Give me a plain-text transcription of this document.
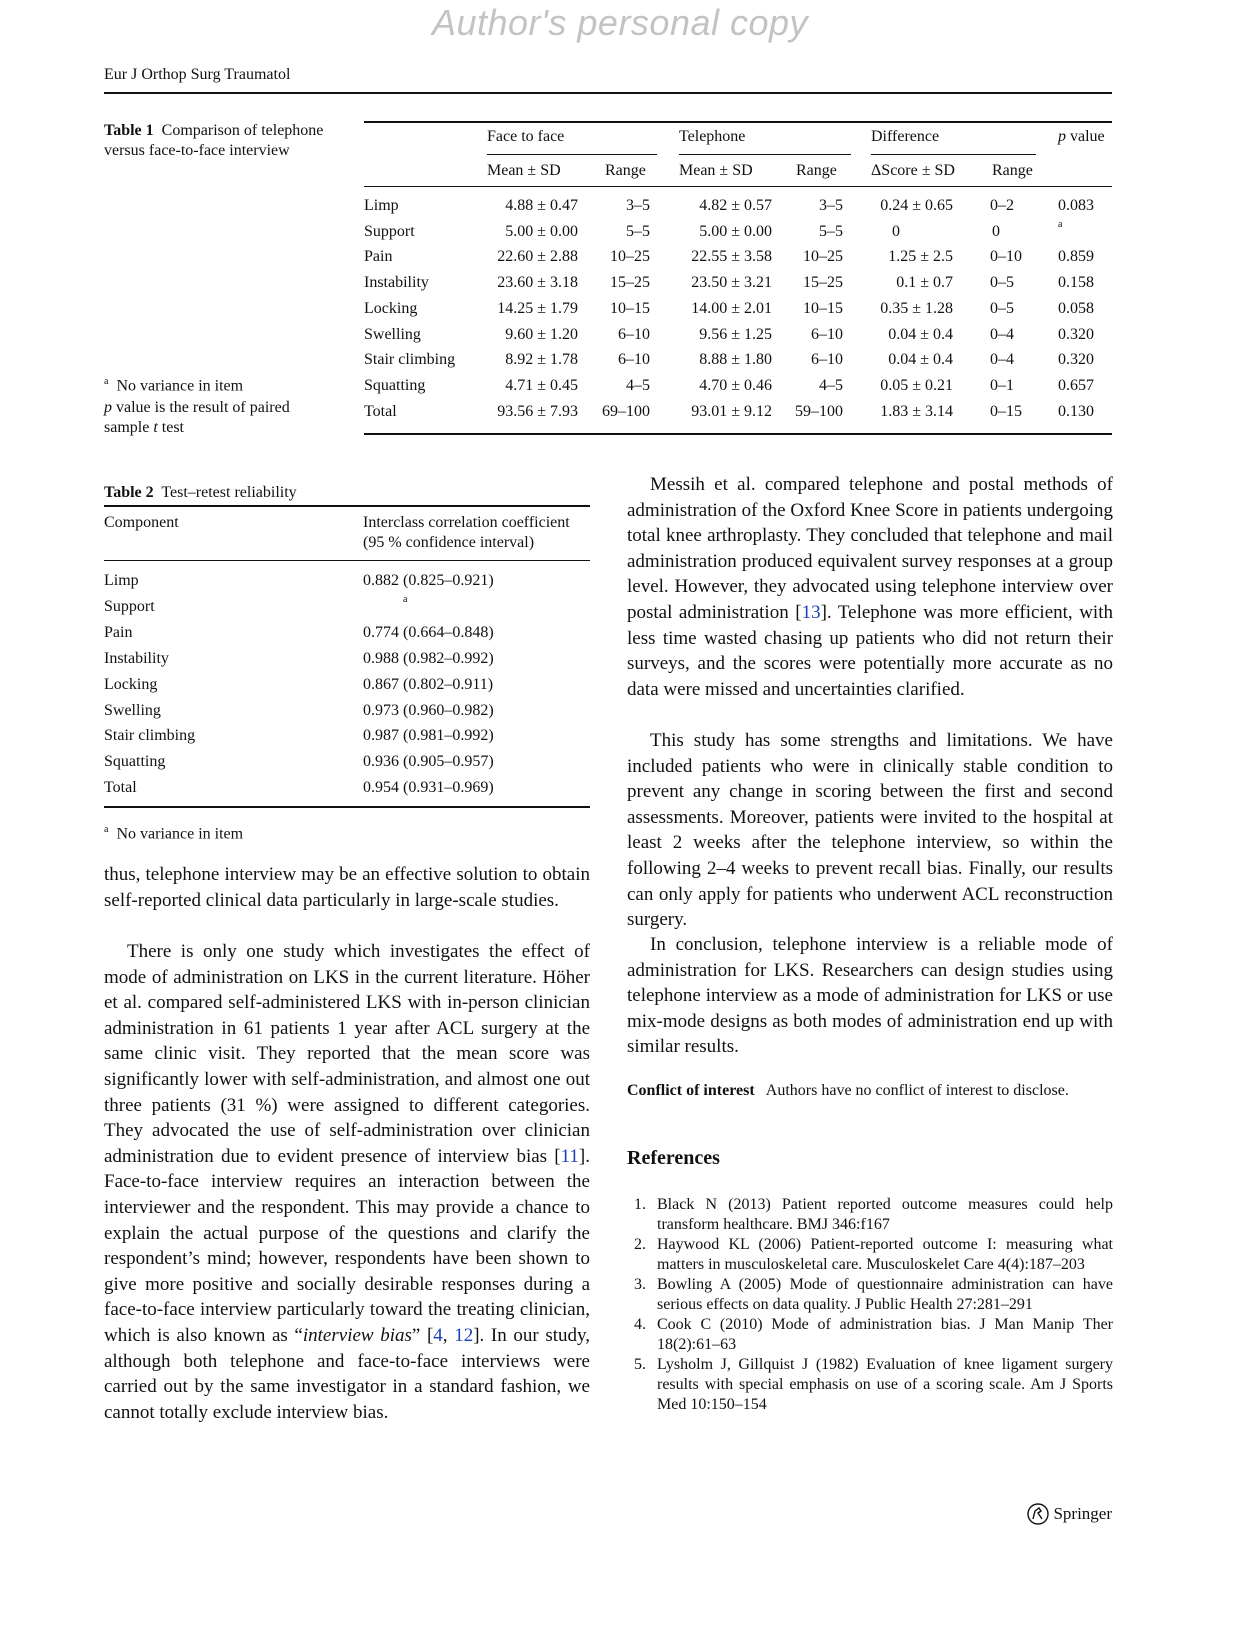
Author's personal copy
Eur J Orthop Surg Traumatol
Table 1 Comparison of telephone versus face-to-face interview
$^a$ No variance in item
p value is the result of paired sample t test
Face to face	Telephone	Difference	p value
Mean ± SD	Range Mean ± SD	Range ΔScore ± SD Range
Limp	4.88 ± 0.47	3–5	4.82 ± 0.57	3–5 0.24 ± 0.65 0–2	0.083
Support	5.00 ± 0.00	5–5	5.00 ± 0.00	5–5	0	0	a
Pain	22.60 ± 2.88 10–25	22.55 ± 3.58 10–25	1.25 ± 2.5 0–10 0.859
Instability	23.60 ± 3.18 15–25	23.50 ± 3.21 15–25	0.1 ± 0.7 0–5	0.158
Locking	14.25 ± 1.79 10–15	14.00 ± 2.01 10–15 0.35 ± 1.28 0–5	0.058
Swelling	9.60 ± 1.20	6–10	9.56 ± 1.25 6–10	0.04 ± 0.4 0–4	0.320
Stair climbing	8.92 ± 1.78	6–10	8.88 ± 1.80 6–10	0.04 ± 0.4 0–4	0.320
Squatting	4.71 ± 0.45	4–5	4.70 ± 0.46	4–5 0.05 ± 0.21 0–1	0.657
Total	93.56 ± 7.93 69–100	93.01 ± 9.12 59–100 1.83 ± 3.14 0–15 0.130
Table 2 Test–retest reliability
Component	Interclass correlation coefficient
(95 % confidence interval)
Limp	0.882 (0.825–0.921)
Support	a
Pain	0.774 (0.664–0.848)
Instability	0.988 (0.982–0.992)
Locking	0.867 (0.802–0.911)
Swelling	0.973 (0.960–0.982)
Stair climbing	0.987 (0.981–0.992)
Squatting	0.936 (0.905–0.957)
Total	0.954 (0.931–0.969)
$^a$ No variance in item
thus, telephone interview may be an effective solution to obtain self-reported clinical data particularly in large-scale studies.
There is only one study which investigates the effect of mode of administration on LKS in the current literature. Höher et al. compared self-administered LKS with in-person clinician administration in 61 patients 1 year after ACL surgery at the same clinic visit. They reported that the mean score was significantly lower with self-administration, and almost one out three patients (31 %) were assigned to different categories. They advocated the use of self-administration over clinician administration due to evident presence of interview bias [11]. Face-to-face interview requires an interaction between the interviewer and the respondent. This may provide a chance to explain the actual purpose of the questions and clarify the respondent’s mind; however, respondents have been shown to give more positive and socially desirable responses during a face-to-face interview particularly toward the treating clinician, which is also known as “interview bias” [4, 12]. In our study, although both telephone and face-to-face interviews were carried out by the same investigator in a standard fashion, we cannot totally exclude interview bias.
Messih et al. compared telephone and postal methods of administration of the Oxford Knee Score in patients undergoing total knee arthroplasty. They concluded that telephone and mail administration produced equivalent survey responses at a group level. However, they advocated using telephone interview over postal administration [13]. Telephone was more efficient, with less time wasted chasing up patients who did not return their surveys, and the scores were potentially more accurate as no data were missed and uncertainties clarified.
This study has some strengths and limitations. We have included patients who were in clinically stable condition to prevent any change in scoring between the first and second assessments. Moreover, patients were invited to the hospital at least 2 weeks after the telephone interview, so within the following 2–4 weeks to prevent recall bias. Finally, our results can only apply for patients who underwent ACL reconstruction surgery.
In conclusion, telephone interview is a reliable mode of administration for LKS. Researchers can design studies using telephone interview as a mode of administration for LKS or use mix-mode designs as both modes of administration end up with similar results.
Conflict of interest Authors have no conflict of interest to disclose.
References
1. Black N (2013) Patient reported outcome measures could help transform healthcare. BMJ 346:f167
2. Haywood KL (2006) Patient-reported outcome I: measuring what matters in musculoskeletal care. Musculoskelet Care 4(4):187–203
3. Bowling A (2005) Mode of questionnaire administration can have serious effects on data quality. J Public Health 27:281–291
4. Cook C (2010) Mode of administration bias. J Man Manip Ther 18(2):61–63
5. Lysholm J, Gillquist J (1982) Evaluation of knee ligament surgery results with special emphasis on use of a scoring scale. Am J Sports Med 10:150–154
Springer
